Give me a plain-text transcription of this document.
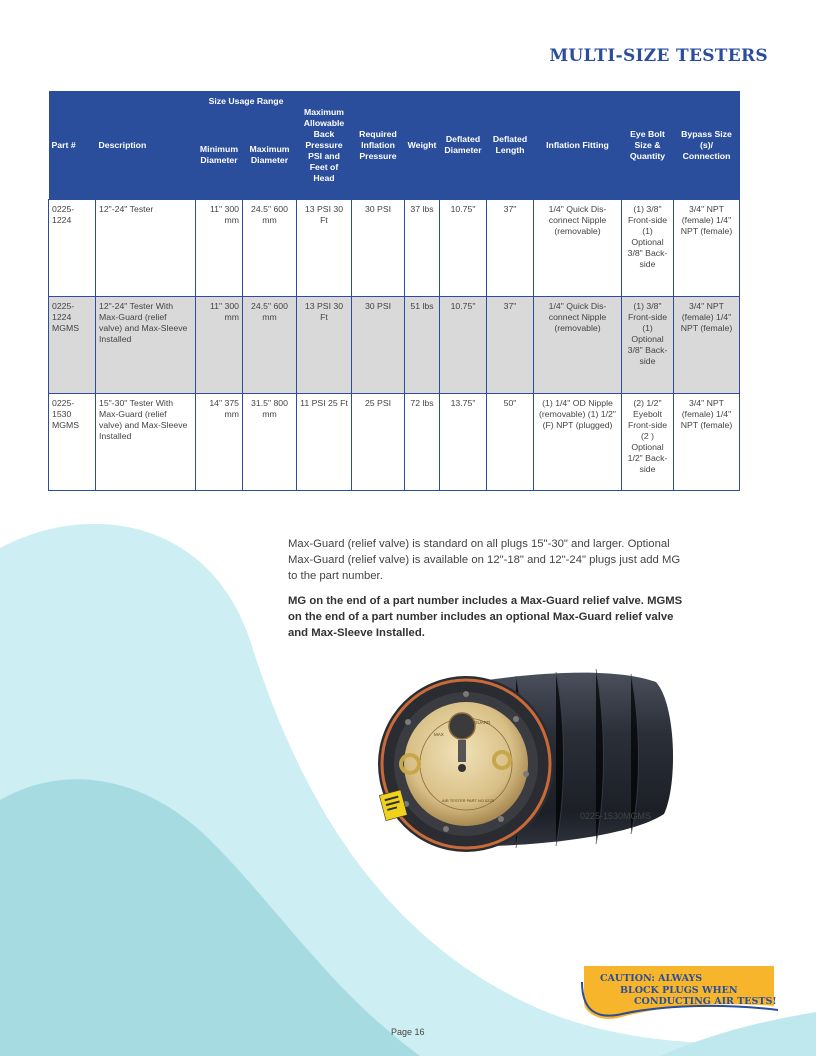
MULTI-SIZE TESTERS
Part #	Description	Size Usage Range		Maximum Allowable Back Pressure PSI and Feet of Head	Required Inflation Pressure	Weight	Deflated Diameter	Deflated Length	Inflation Fitting	Eye Bolt Size & Quantity	Bypass Size (s)/ Connection
		Minimum Diameter	Maximum Diameter								
0225-1224	12"-24" Tester	11" 300 mm	24.5" 600 mm	13 PSI 30 Ft	30 PSI	37 lbs	10.75"	37"	1/4" Quick Dis-connect Nipple (removable)	(1) 3/8" Front-side (1) Optional 3/8" Back-side	3/4" NPT (female) 1/4" NPT (female)
0225-1224 MGMS	12"-24" Tester With Max-Guard (relief valve) and Max-Sleeve Installed	11" 300 mm	24.5" 600 mm	13 PSI 30 Ft	30 PSI	51 lbs	10.75"	37"	1/4" Quick Dis-connect Nipple (removable)	(1) 3/8" Front-side (1) Optional 3/8" Back-side	3/4" NPT (female) 1/4" NPT (female)
0225-1530 MGMS	15"-30" Tester With Max-Guard (relief valve) and Max-Sleeve Installed	14" 375 mm	31.5" 800 mm	11 PSI 25 Ft	25 PSI	72 lbs	13.75"	50"	(1) 1/4" OD Nipple (removable) (1) 1/2" (F) NPT (plugged)	(2) 1/2" Eyebolt Front-side (2 ) Optional 1/2" Back-side	3/4" NPT (female) 1/4" NPT (female)

Max-Guard (relief valve) is standard on all plugs 15"-30" and larger. Optional Max-Guard (relief valve) is available on 12"-18" and 12"-24" plugs just add MG to the part number.

MG on the end of a part number includes a Max-Guard relief valve. MGMS on the end of a part number includes an optional Max-Guard relief valve and Max-Sleeve Installed.

MAX
GUARD
AIR TESTER PART NO 0225
0225-1530MGMS
CAUTION: ALWAYS
BLOCK PLUGS WHEN
CONDUCTING AIR TESTS!
Page 16
